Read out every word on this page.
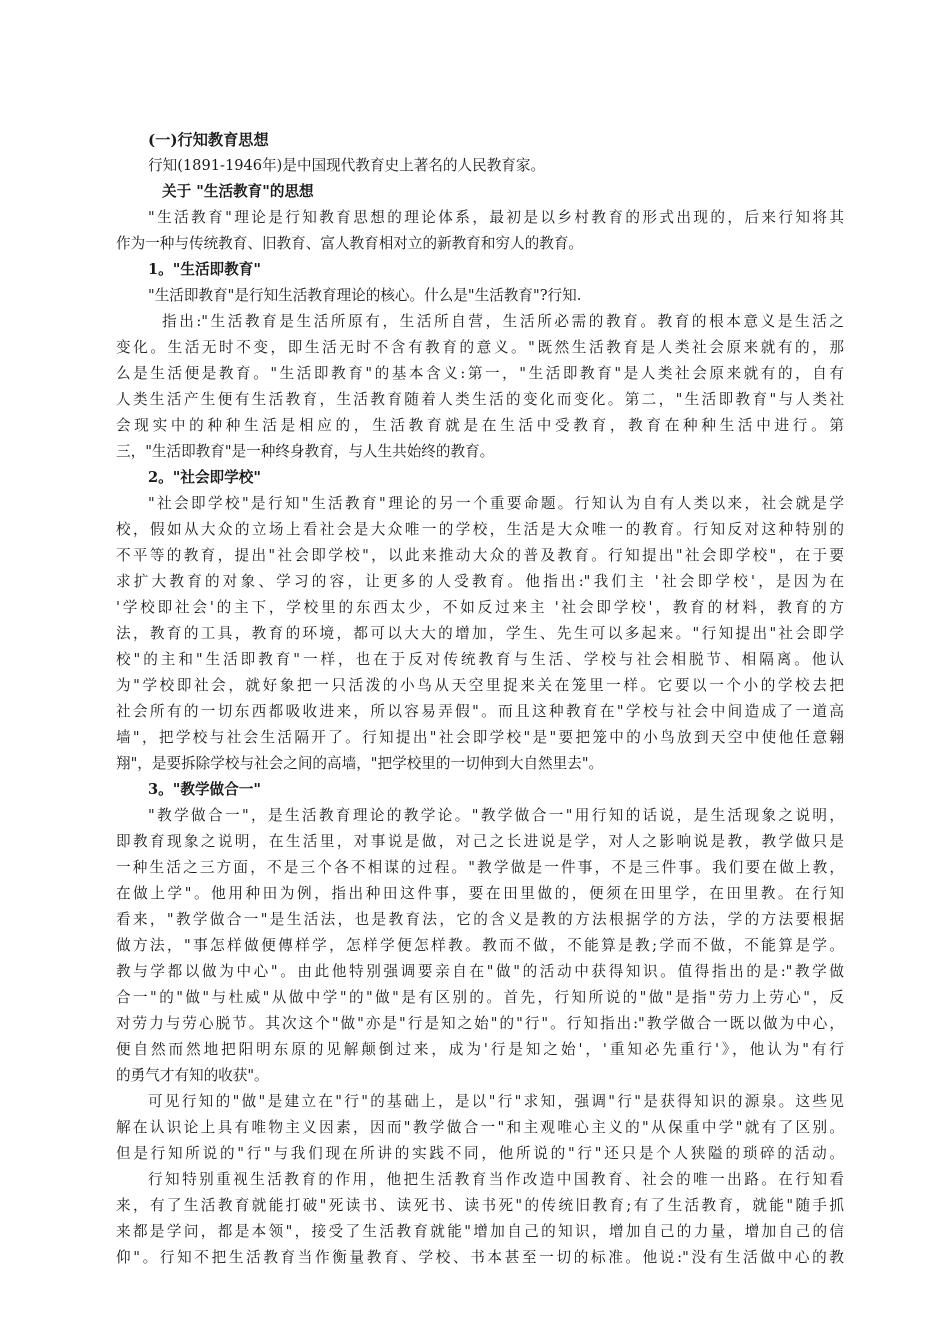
(一)行知教育思想
行知(1891-1946年)是中国现代教育史上著名的人民教育家。
关于 "生活教育"的思想
"生活教育"理论是行知教育思想的理论体系，最初是以乡村教育的形式出现的，后来行知将其
作为一种与传统教育、旧教育、富人教育相对立的新教育和穷人的教育。
1。"生活即教育"
"生活即教育"是行知生活教育理论的核心。什么是"生活教育"?行知.
指出:"生活教育是生活所原有，生活所自营，生活所必需的教育。教育的根本意义是生活之
变化。生活无时不变，即生活无时不含有教育的意义。"既然生活教育是人类社会原来就有的，那
么是生活便是教育。"生活即教育"的基本含义:第一，"生活即教育"是人类社会原来就有的，自有
人类生活产生便有生活教育，生活教育随着人类生活的变化而变化。第二，"生活即教育"与人类社
会现实中的种种生活是相应的，生活教育就是在生活中受教育，教育在种种生活中进行。第
三，"生活即教育"是一种终身教育，与人生共始终的教育。
2。"社会即学校"
"社会即学校"是行知"生活教育"理论的另一个重要命题。行知认为自有人类以来，社会就是学
校，假如从大众的立场上看社会是大众唯一的学校，生活是大众唯一的教育。行知反对这种特别的
不平等的教育，提出"社会即学校"，以此来推动大众的普及教育。行知提出"社会即学校"，在于要
求扩大教育的对象、学习的容，让更多的人受教育。他指出:"我们主 '社会即学校'，是因为在
'学校即社会'的主下，学校里的东西太少，不如反过来主 '社会即学校'，教育的材料，教育的方
法，教育的工具，教育的环境，都可以大大的增加，学生、先生可以多起来。"行知提出"社会即学
校"的主和"生活即教育"一样，也在于反对传统教育与生活、学校与社会相脱节、相隔离。他认
为"学校即社会，就好象把一只活泼的小鸟从天空里捉来关在笼里一样。它要以一个小的学校去把
社会所有的一切东西都吸收进来，所以容易弄假"。而且这种教育在"学校与社会中间造成了一道高
墙"，把学校与社会生活隔开了。行知提出"社会即学校"是"要把笼中的小鸟放到天空中使他任意翱
翔"，是要拆除学校与社会之间的高墙，"把学校里的一切伸到大自然里去"。
3。"教学做合一"
"教学做合一"，是生活教育理论的教学论。"教学做合一"用行知的话说，是生活现象之说明，
即教育现象之说明，在生活里，对事说是做，对己之长进说是学，对人之影响说是教，教学做只是
一种生活之三方面，不是三个各不相谋的过程。"教学做是一件事，不是三件事。我们要在做上教，
在做上学"。他用种田为例，指出种田这件事，要在田里做的，便须在田里学，在田里教。在行知
看来，"教学做合一"是生活法，也是教育法，它的含义是教的方法根据学的方法，学的方法要根据
做方法，"事怎样做便傳样学，怎样学便怎样教。教而不做，不能算是教;学而不做，不能算是学。
教与学都以做为中心"。由此他特别强调要亲自在"做"的活动中获得知识。值得指出的是:"教学做
合一"的"做"与杜威"从做中学"的"做"是有区别的。首先，行知所说的"做"是指"劳力上劳心"，反
对劳力与劳心脱节。其次这个"做"亦是"行是知之始"的"行"。行知指出:"教学做合一既以做为中心，
便自然而然地把阳明东原的见解颠倒过来，成为'行是知之始'，'重知必先重行'》，他认为"有行
的勇气才有知的收获"。
可见行知的"做"是建立在"行"的基础上，是以"行"求知，强调"行"是获得知识的源泉。这些见
解在认识论上具有唯物主义因素，因而"教学做合一"和主观唯心主义的"从保重中学"就有了区别。
但是行知所说的"行"与我们现在所讲的实践不同，他所说的"行"还只是个人狭隘的琐碎的活动。
行知特别重视生活教育的作用，他把生活教育当作改造中国教育、社会的唯一出路。在行知看
来，有了生活教育就能打破"死读书、读死书、读书死"的传统旧教育;有了生活教育，就能"随手抓
来都是学问，都是本领"，接受了生活教育就能"增加自己的知识，增加自己的力量，增加自己的信
仰"。行知不把生活教育当作衡量教育、学校、书本甚至一切的标准。他说:"没有生活做中心的教
